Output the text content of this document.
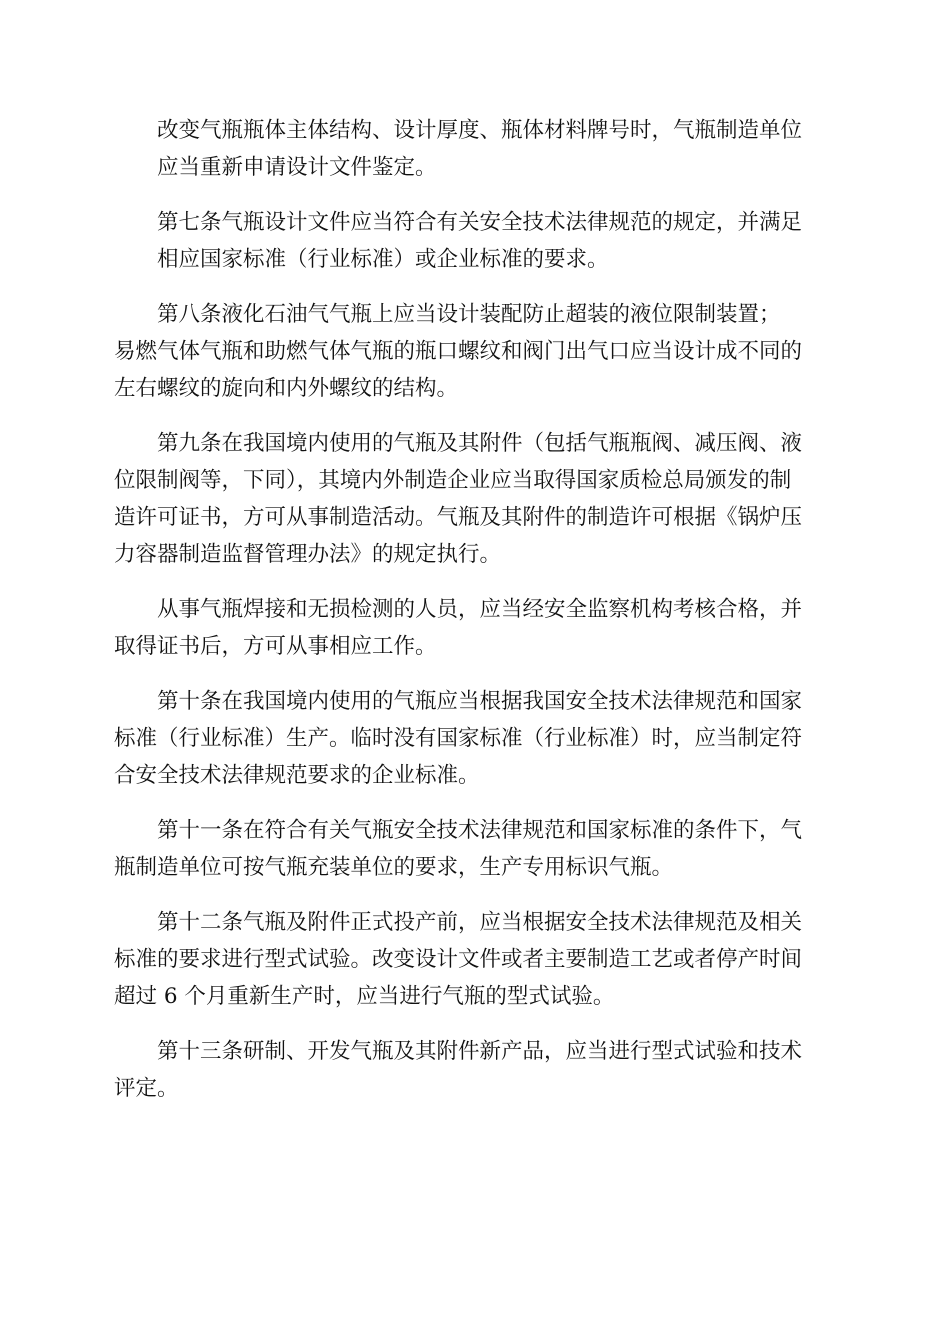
改变气瓶瓶体主体结构、设计厚度、瓶体材料牌号时，气瓶制造单位
应当重新申请设计文件鉴定。

第七条气瓶设计文件应当符合有关安全技术法律规范的规定，并满足
相应国家标准（行业标准）或企业标准的要求。

第八条液化石油气气瓶上应当设计装配防止超装的液位限制装置；
易燃气体气瓶和助燃气体气瓶的瓶口螺纹和阀门出气口应当设计成不同的
左右螺纹的旋向和内外螺纹的结构。

第九条在我国境内使用的气瓶及其附件（包括气瓶瓶阀、减压阀、液
位限制阀等，下同），其境内外制造企业应当取得国家质检总局颁发的制
造许可证书，方可从事制造活动。气瓶及其附件的制造许可根据《锅炉压
力容器制造监督管理办法》的规定执行。

从事气瓶焊接和无损检测的人员，应当经安全监察机构考核合格，并
取得证书后，方可从事相应工作。

第十条在我国境内使用的气瓶应当根据我国安全技术法律规范和国家
标准（行业标准）生产。临时没有国家标准（行业标准）时，应当制定符
合安全技术法律规范要求的企业标准。

第十一条在符合有关气瓶安全技术法律规范和国家标准的条件下，气
瓶制造单位可按气瓶充装单位的要求，生产专用标识气瓶。

第十二条气瓶及附件正式投产前，应当根据安全技术法律规范及相关
标准的要求进行型式试验。改变设计文件或者主要制造工艺或者停产时间
超过 6 个月重新生产时，应当进行气瓶的型式试验。

第十三条研制、开发气瓶及其附件新产品，应当进行型式试验和技术
评定。
